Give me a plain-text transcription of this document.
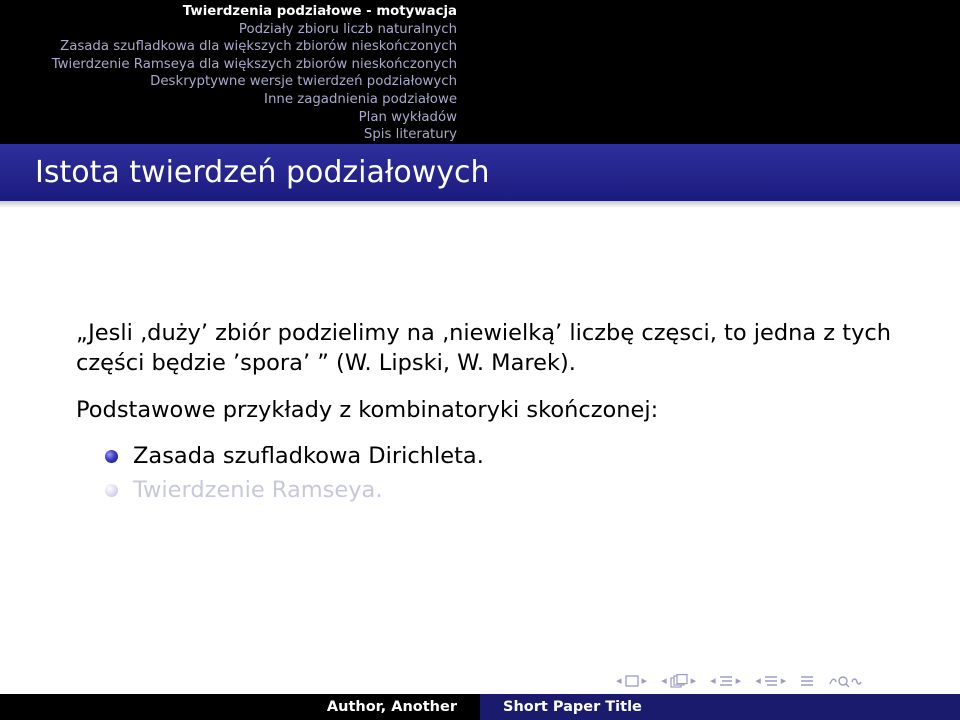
Twierdzenia podziałowe - motywacja
Podziały zbioru liczb naturalnych
Zasada szufladkowa dla większych zbiorów nieskończonych
Twierdzenie Ramseya dla większych zbiorów nieskończonych
Deskryptywne wersje twierdzeń podziałowych
Inne zagadnienia podziałowe
Plan wykładów
Spis literatury
Istota twierdzeń podziałowych

„Jesli ‚duży’ zbiór podzielimy na ‚niewielką’ liczbę częsci, to jedna z tych części będzie ’spora’ ” (W. Lipski, W. Marek).

Podstawowe przykłady z kombinatoryki skończonej:

Zasada szufladkowa Dirichleta.
Twierdzenie Ramseya.
◂ ▸ ◂ ▸ ◂ ▸ ◂ ▸
Author, Another	Short Paper Title
